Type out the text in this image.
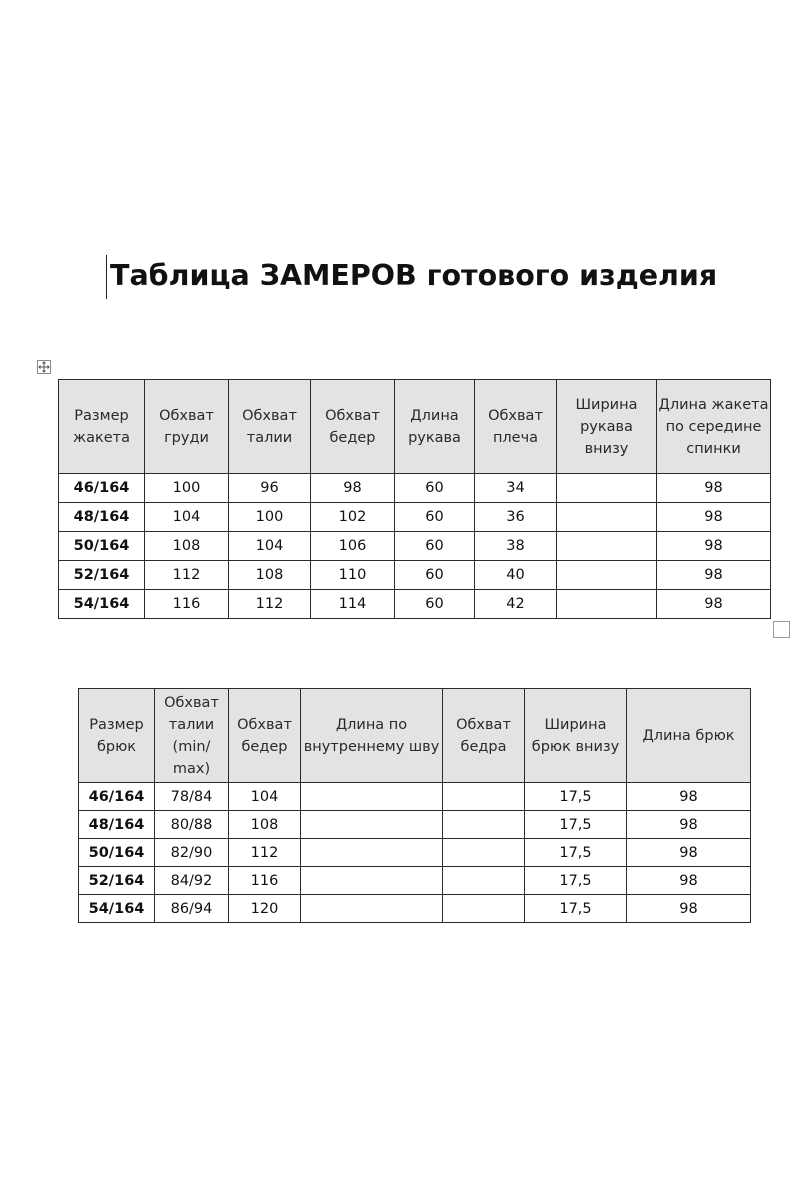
Таблица ЗАМЕРОВ готового изделия
Размер жакета	Обхват груди	Обхват талии	Обхват бедер	Длина рукава	Обхват плеча	Ширина рукава внизу	Длина жакета по середине спинки
46/164	100	96	98	60	34		98
48/164	104	100	102	60	36		98
50/164	108	104	106	60	38		98
52/164	112	108	110	60	40		98
54/164	116	112	114	60	42		98
Размер брюк	Обхват талии (min/ max)	Обхват бедер	Длина по внутреннему шву	Обхват бедра	Ширина брюк внизу	Длина брюк
46/164	78/84	104			17,5	98
48/164	80/88	108			17,5	98
50/164	82/90	112			17,5	98
52/164	84/92	116			17,5	98
54/164	86/94	120			17,5	98
